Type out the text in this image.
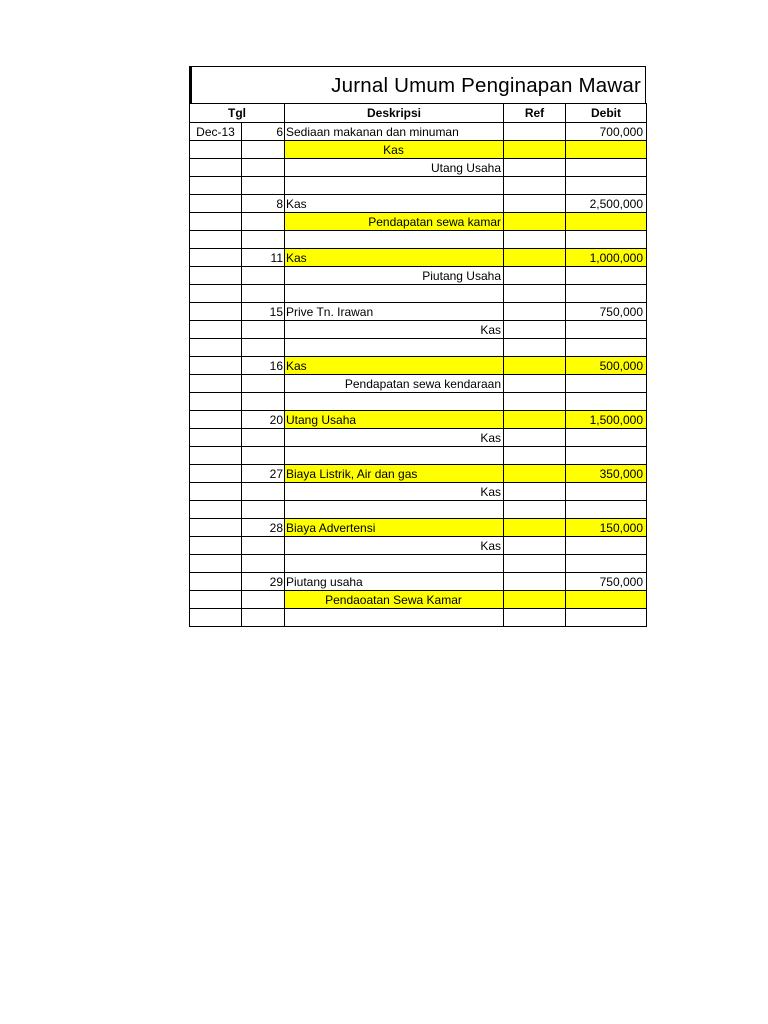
Jurnal Umum Penginapan Mawar
Tgl		Deskripsi	Ref	Debit
Dec-13	6	Sediaan makanan dan minuman		700,000
		Kas		
		Utang Usaha		

	8	Kas		2,500,000
		Pendapatan sewa kamar		

	11	Kas		1,000,000
		Piutang Usaha		

	15	Prive Tn. Irawan		750,000
		Kas		

	16	Kas		500,000
		Pendapatan sewa kendaraan		

	20	Utang Usaha		1,500,000
		Kas		

	27	Biaya Listrik, Air dan gas		350,000
		Kas		

	28	Biaya Advertensi		150,000
		Kas		

	29	Piutang usaha		750,000
		Pendaoatan Sewa Kamar		
